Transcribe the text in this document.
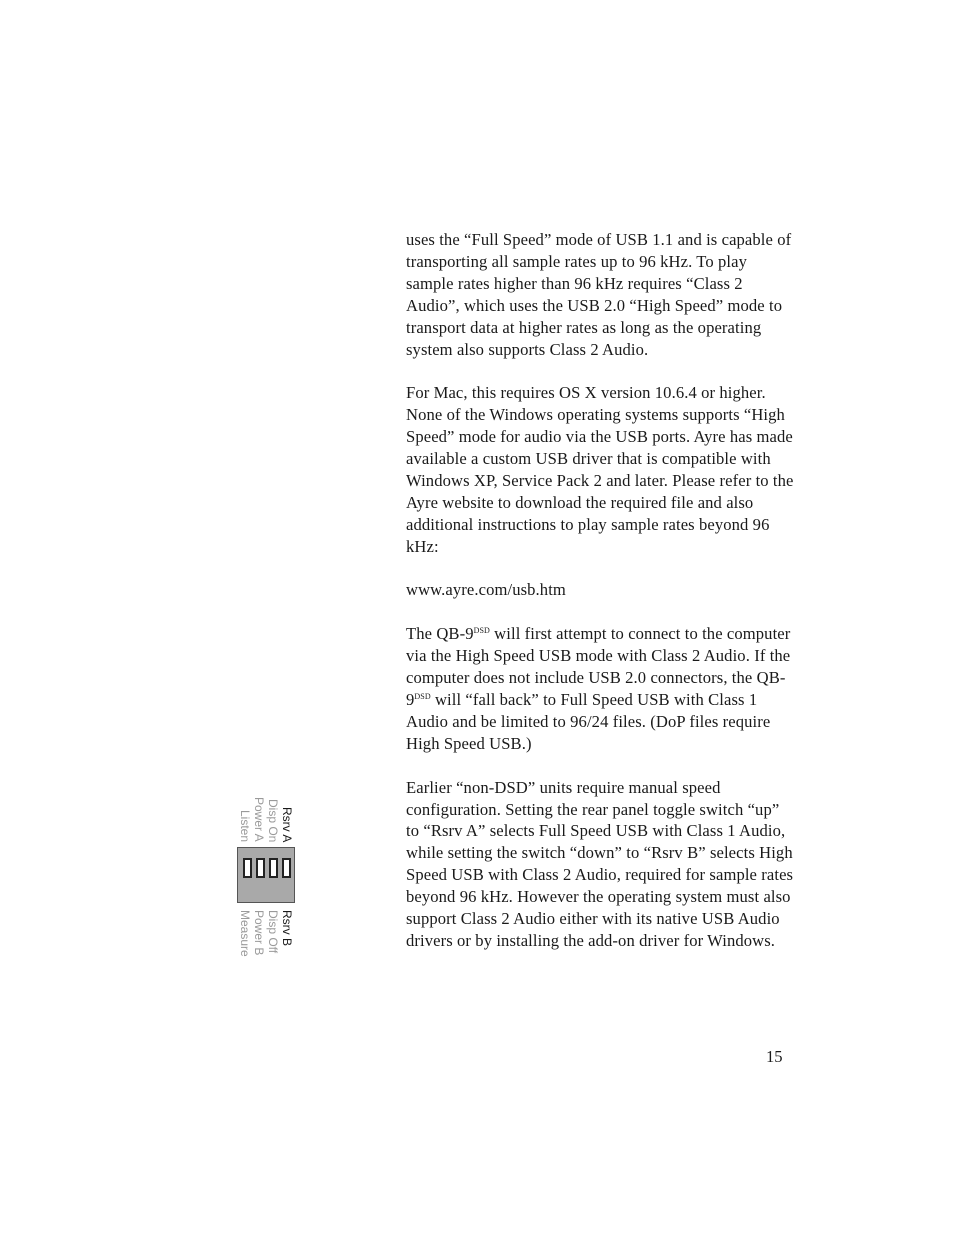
Rsrv A
Disp On
Power A
Listen
Rsrv B
Disp Off
Power B
Measure

uses the “Full Speed” mode of USB 1.1 and is capable of transporting all sample rates up to 96 kHz. To play sample rates higher than 96 kHz requires “Class 2 Audio”, which uses the USB 2.0 “High Speed” mode to transport data at higher rates as long as the operating system also supports Class 2 Audio.

For Mac, this requires OS X version 10.6.4 or higher. None of the Windows operating systems supports “High Speed” mode for audio via the USB ports. Ayre has made available a custom USB driver that is compatible with Windows XP, Service Pack 2 and later. Please refer to the Ayre website to download the required file and also additional instructions to play sample rates beyond 96 kHz:

www.ayre.com/usb.htm

The $QB-9^{DSD}$ will first attempt to connect to the computer via the High Speed USB mode with Class 2 Audio. If the computer does not include USB 2.0 connectors, the $QB-9^{DSD}$ will “fall back” to Full Speed USB with Class 1 Audio and be limited to 96/24 files. (DoP files require High Speed USB.)

Earlier “non-DSD” units require manual speed configuration. Setting the rear panel toggle switch “up” to “Rsrv A” selects Full Speed USB with Class 1 Audio, while setting the switch “down” to “Rsrv B” selects High Speed USB with Class 2 Audio, required for sample rates beyond 96 kHz. However the operating system must also support Class 2 Audio either with its native USB Audio drivers or by installing the add-on driver for Windows.

15
